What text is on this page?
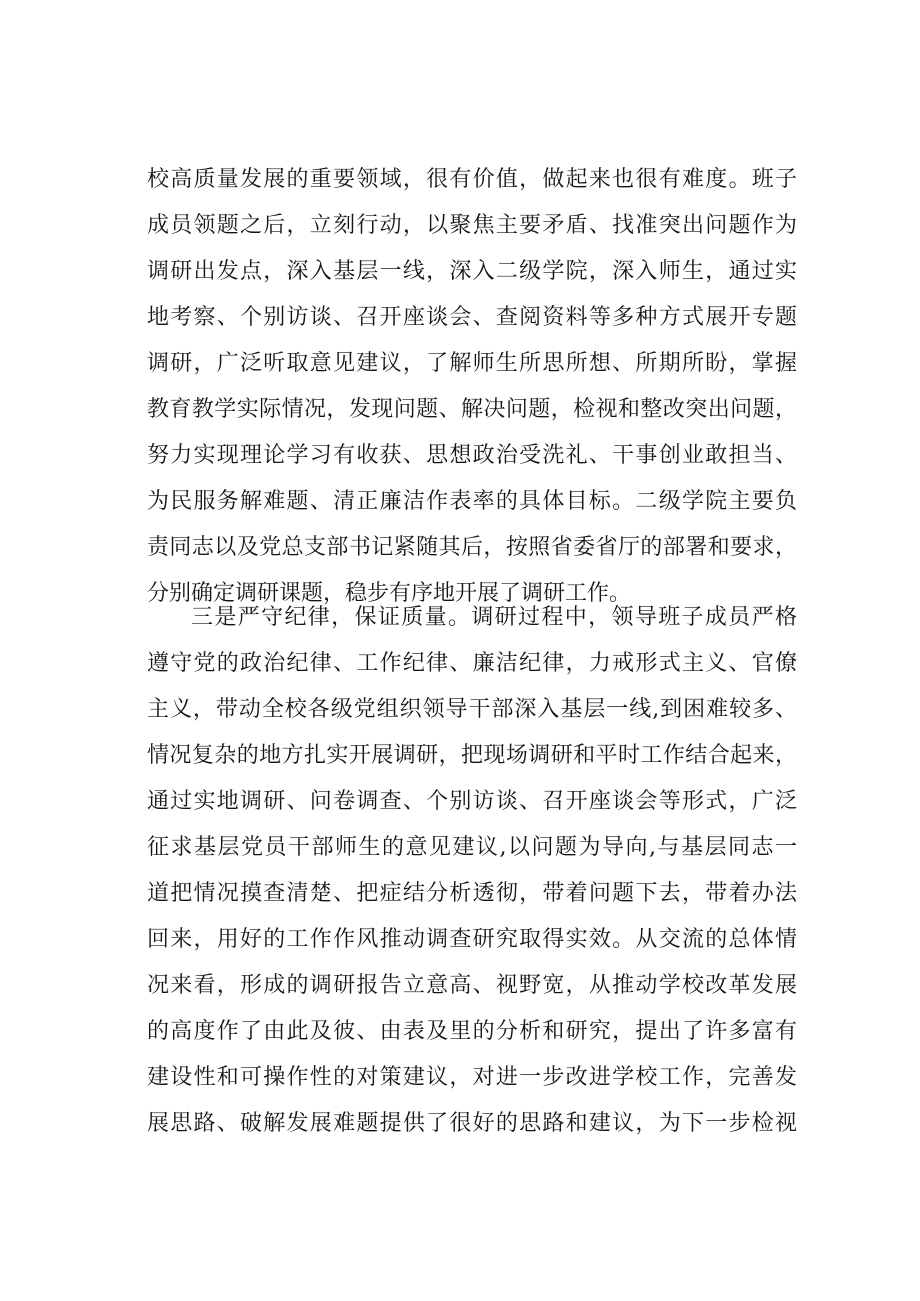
校高质量发展的重要领域，很有价值，做起来也很有难度。班子
成员领题之后，立刻行动，以聚焦主要矛盾、找准突出问题作为
调研出发点，深入基层一线，深入二级学院，深入师生，通过实
地考察、个别访谈、召开座谈会、查阅资料等多种方式展开专题
调研，广泛听取意见建议，了解师生所思所想、所期所盼，掌握
教育教学实际情况，发现问题、解决问题，检视和整改突出问题，
努力实现理论学习有收获、思想政治受洗礼、干事创业敢担当、
为民服务解难题、清正廉洁作表率的具体目标。二级学院主要负
责同志以及党总支部书记紧随其后，按照省委省厅的部署和要求，
分别确定调研课题，稳步有序地开展了调研工作。
三是严守纪律，保证质量。调研过程中，领导班子成员严格
遵守党的政治纪律、工作纪律、廉洁纪律，力戒形式主义、官僚
主义，带动全校各级党组织领导干部深入基层一线,到困难较多、
情况复杂的地方扎实开展调研，把现场调研和平时工作结合起来，
通过实地调研、问卷调查、个别访谈、召开座谈会等形式，广泛
征求基层党员干部师生的意见建议,以问题为导向,与基层同志一
道把情况摸查清楚、把症结分析透彻，带着问题下去，带着办法
回来，用好的工作作风推动调查研究取得实效。从交流的总体情
况来看，形成的调研报告立意高、视野宽，从推动学校改革发展
的高度作了由此及彼、由表及里的分析和研究，提出了许多富有
建设性和可操作性的对策建议，对进一步改进学校工作，完善发
展思路、破解发展难题提供了很好的思路和建议，为下一步检视
